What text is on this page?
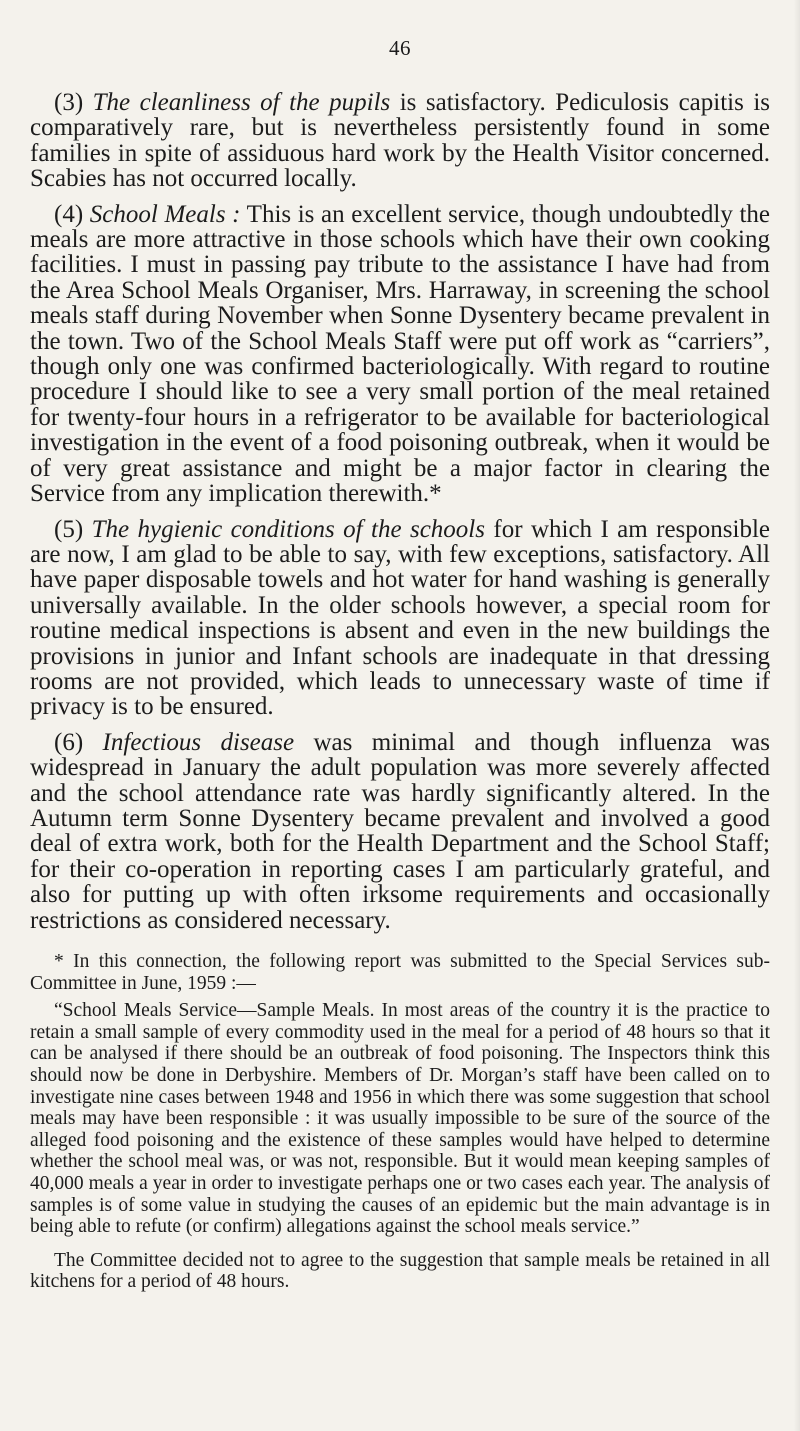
46

(3) The cleanliness of the pupils is satisfactory. Pediculosis capitis is comparatively rare, but is nevertheless persistently found in some families in spite of assiduous hard work by the Health Visitor concerned. Scabies has not occurred locally.

(4) School Meals : This is an excellent service, though undoubtedly the meals are more attractive in those schools which have their own cooking facilities. I must in passing pay tribute to the assistance I have had from the Area School Meals Organiser, Mrs. Harraway, in screening the school meals staff during November when Sonne Dysentery became prevalent in the town. Two of the School Meals Staff were put off work as “carriers”, though only one was confirmed bacteriologically. With regard to routine procedure I should like to see a very small portion of the meal retained for twenty-four hours in a refrigerator to be available for bacteriological investigation in the event of a food poisoning outbreak, when it would be of very great assistance and might be a major factor in clearing the Service from any implication therewith.*

(5) The hygienic conditions of the schools for which I am responsible are now, I am glad to be able to say, with few exceptions, satisfactory. All have paper disposable towels and hot water for hand washing is generally universally available. In the older schools however, a special room for routine medical inspections is absent and even in the new buildings the provisions in junior and Infant schools are inadequate in that dressing rooms are not provided, which leads to unnecessary waste of time if privacy is to be ensured.

(6) Infectious disease was minimal and though influenza was widespread in January the adult population was more severely affected and the school attendance rate was hardly significantly altered. In the Autumn term Sonne Dysentery became prevalent and involved a good deal of extra work, both for the Health Department and the School Staff; for their co-operation in reporting cases I am particularly grateful, and also for putting up with often irksome requirements and occasionally restrictions as considered necessary.

* In this connection, the following report was submitted to the Special Services sub-Committee in June, 1959 :—

“School Meals Service—Sample Meals. In most areas of the country it is the practice to retain a small sample of every commodity used in the meal for a period of 48 hours so that it can be analysed if there should be an outbreak of food poisoning. The Inspectors think this should now be done in Derbyshire. Members of Dr. Morgan’s staff have been called on to investigate nine cases between 1948 and 1956 in which there was some suggestion that school meals may have been responsible : it was usually impossible to be sure of the source of the alleged food poisoning and the existence of these samples would have helped to determine whether the school meal was, or was not, responsible. But it would mean keeping samples of 40,000 meals a year in order to investigate perhaps one or two cases each year. The analysis of samples is of some value in studying the causes of an epidemic but the main advantage is in being able to refute (or confirm) allegations against the school meals service.”

The Committee decided not to agree to the suggestion that sample meals be retained in all kitchens for a period of 48 hours.
